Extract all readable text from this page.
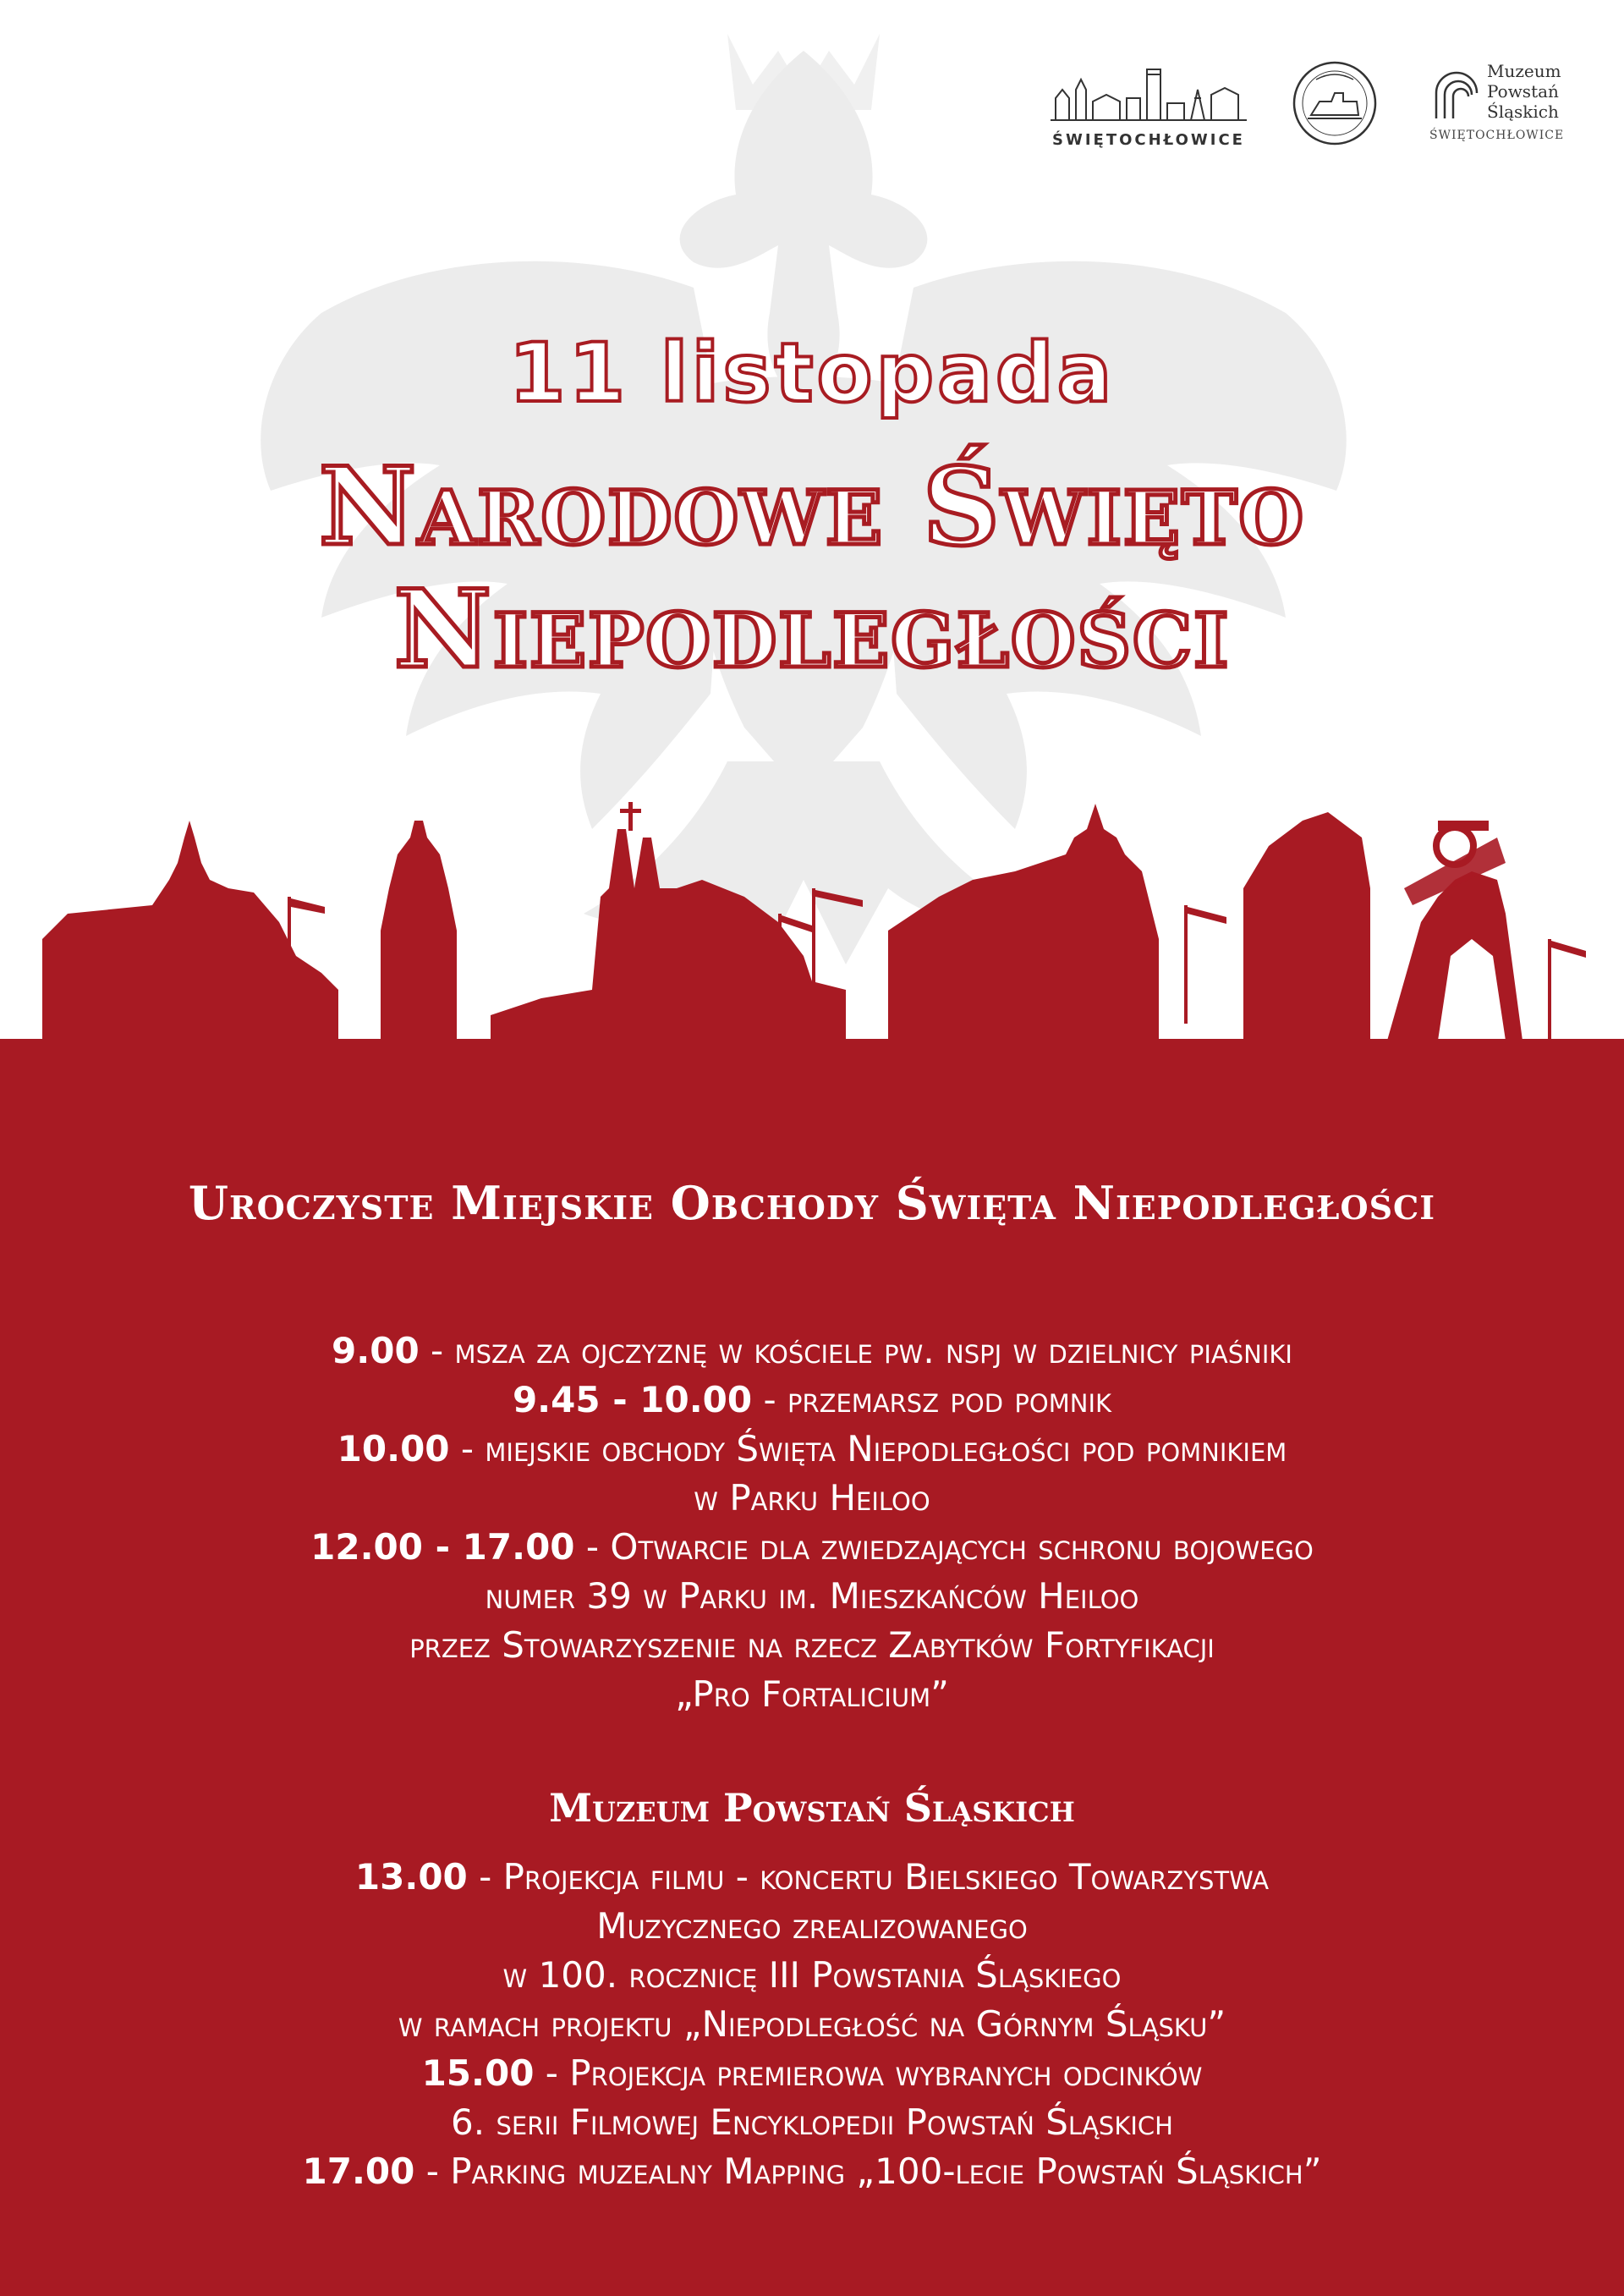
ŚWIĘTOCHŁOWICE
Muzeum
Powstań
Śląskich
ŚWIĘTOCHŁOWICE
11 listopada
Narodowe Święto
Niepodległości
Uroczyste Miejskie Obchody Święta Niepodległości
9.00 - msza za ojczyznę w kościele pw. nspj w dzielnicy piaśniki
9.45 - 10.00 - przemarsz pod pomnik
10.00 - miejskie obchody Święta Niepodległości pod pomnikiem
w Parku Heiloo
12.00 - 17.00 - Otwarcie dla zwiedzających schronu bojowego
numer 39 w Parku im. Mieszkańców Heiloo
przez Stowarzyszenie na rzecz Zabytków Fortyfikacji
„Pro Fortalicium”
Muzeum Powstań Śląskich
13.00 - Projekcja filmu - koncertu Bielskiego Towarzystwa
Muzycznego zrealizowanego
w 100. rocznicę III Powstania Śląskiego
w ramach projektu „Niepodległość na Górnym Śląsku”
15.00 - Projekcja premierowa wybranych odcinków
6. serii Filmowej Encyklopedii Powstań Śląskich
17.00 - Parking muzealny Mapping „100-lecie Powstań Śląskich”
